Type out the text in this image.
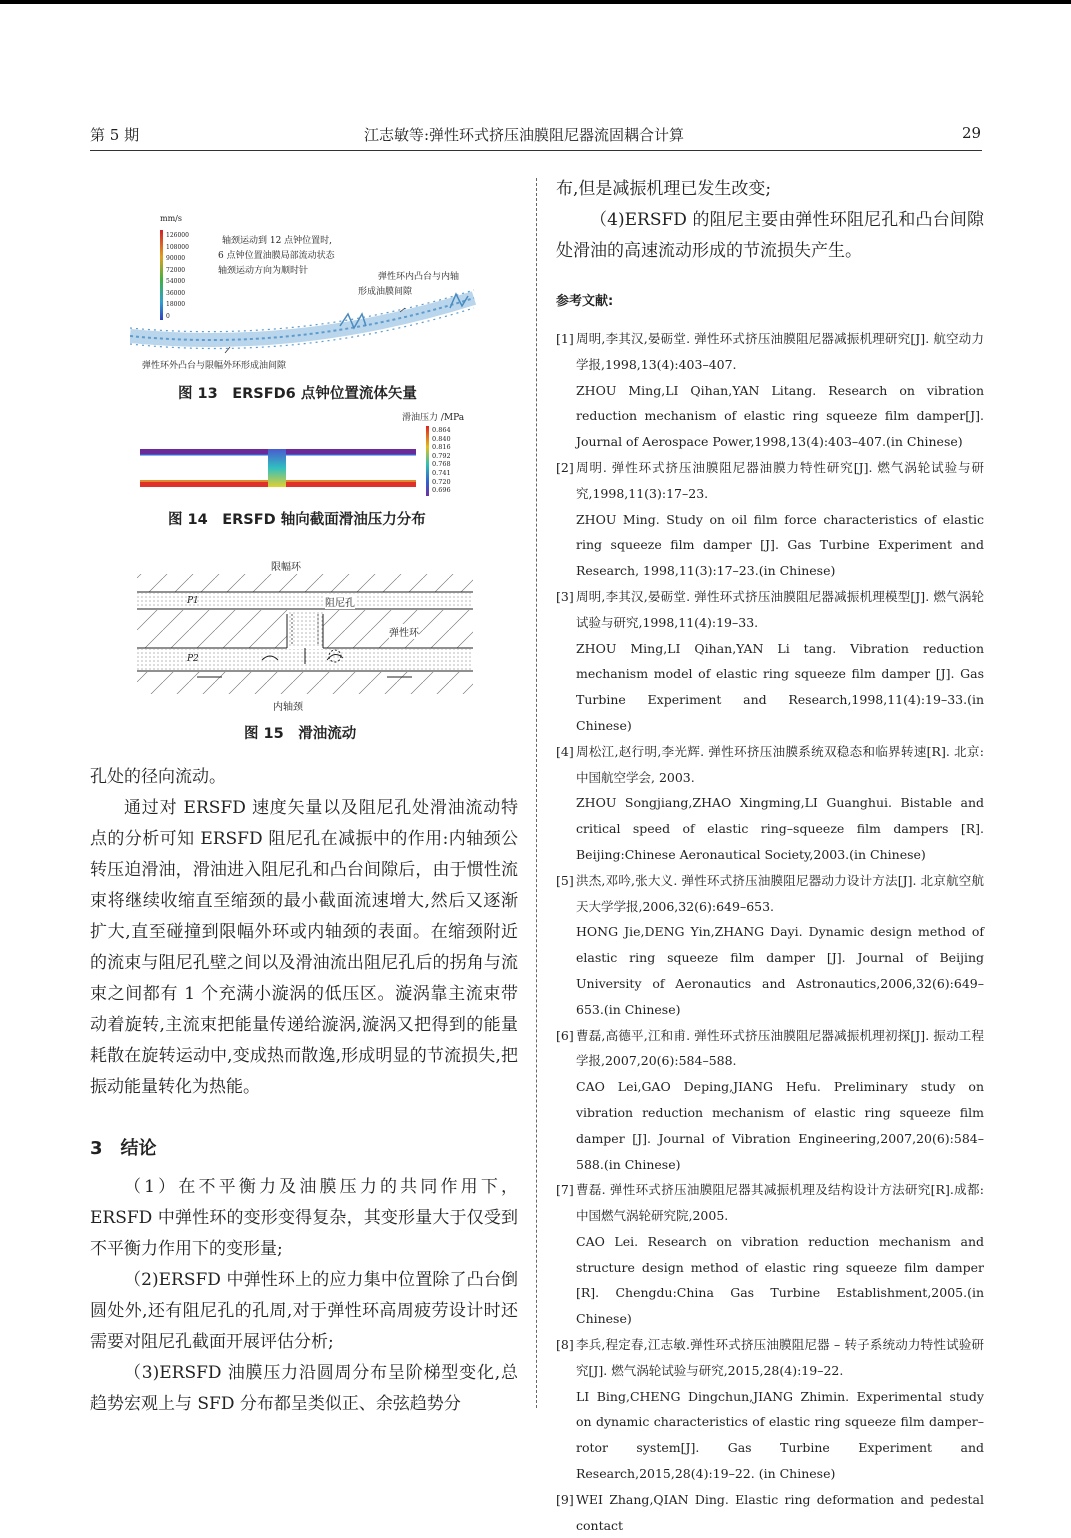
第 5 期	江志敏等:弹性环式挤压油膜阻尼器流固耦合计算	29
mm/s
126000
108000
90000
72000
54000
36000
18000
0
轴颈运动到 12 点钟位置时,
6 点钟位置油膜局部流动状态
轴颈运动方向为顺时针
弹性环内凸台与内轴
形成油膜间隙
弹性环外凸台与限幅外环形成油间隙
图 13　ERSFD6 点钟位置流体矢量
滑油压力 /MPa
0.864
0.840
0.816
0.792
0.768
0.741
0.720
0.696
图 14　ERSFD 轴向截面滑油压力分布
限幅环
P1	阻尼孔
弹性环
P2
内轴颈
图 15　滑油流动

孔处的径向流动。

通过对 ERSFD 速度矢量以及阻尼孔处滑油流动特点的分析可知 ERSFD 阻尼孔在减振中的作用:内轴颈公转压迫滑油，滑油进入阻尼孔和凸台间隙后，由于惯性流束将继续收缩直至缩颈的最小截面流速增大,然后又逐渐扩大,直至碰撞到限幅外环或内轴颈的表面。在缩颈附近的流束与阻尼孔壁之间以及滑油流出阻尼孔后的拐角与流束之间都有 1 个充满小漩涡的低压区。漩涡靠主流束带动着旋转,主流束把能量传递给漩涡,漩涡又把得到的能量耗散在旋转运动中,变成热而散逸,形成明显的节流损失,把振动能量转化为热能。

3　结论

（1）在不平衡力及油膜压力的共同作用下，ERSFD 中弹性环的变形变得复杂，其变形量大于仅受到不平衡力作用下的变形量;

（2)ERSFD 中弹性环上的应力集中位置除了凸台倒圆处外,还有阻尼孔的孔周,对于弹性环高周疲劳设计时还需要对阻尼孔截面开展评估分析;

（3)ERSFD 油膜压力沿圆周分布呈阶梯型变化,总趋势宏观上与 SFD 分布都呈类似正、余弦趋势分

布,但是减振机理已发生改变;

（4)ERSFD 的阻尼主要由弹性环阻尼孔和凸台间隙处滑油的高速流动形成的节流损失产生。

参考文献:
[1] 周明,李其汉,晏砺堂. 弹性环式挤压油膜阻尼器减振机理研究[J]. 航空动力学报,1998,13(4):403–407.
ZHOU Ming,LI Qihan,YAN Litang. Research on vibration reduction mechanism of elastic ring squeeze film damper[J]. Journal of Aerospace Power,1998,13(4):403–407.(in Chinese)
[2] 周明. 弹性环式挤压油膜阻尼器油膜力特性研究[J]. 燃气涡轮试验与研究,1998,11(3):17–23.
ZHOU Ming. Study on oil film force characteristics of elastic ring squeeze film damper [J]. Gas Turbine Experiment and Research, 1998,11(3):17–23.(in Chinese)
[3] 周明,李其汉,晏砺堂. 弹性环式挤压油膜阻尼器减振机理模型[J]. 燃气涡轮试验与研究,1998,11(4):19–33.
ZHOU Ming,LI Qihan,YAN Li tang. Vibration reduction mechanism model of elastic ring squeeze film damper [J]. Gas Turbine Experiment and Research,1998,11(4):19–33.(in Chinese)
[4] 周松江,赵行明,李光辉. 弹性环挤压油膜系统双稳态和临界转速[R]. 北京:中国航空学会, 2003.
ZHOU Songjiang,ZHAO Xingming,LI Guanghui. Bistable and critical speed of elastic ring–squeeze film dampers [R]. Beijing:Chinese Aeronautical Society,2003.(in Chinese)
[5] 洪杰,邓吟,张大义. 弹性环式挤压油膜阻尼器动力设计方法[J]. 北京航空航天大学学报,2006,32(6):649–653.
HONG Jie,DENG Yin,ZHANG Dayi. Dynamic design method of elastic ring squeeze film damper [J]. Journal of Beijing University of Aeronautics and Astronautics,2006,32(6):649–653.(in Chinese)
[6] 曹磊,高德平,江和甫. 弹性环式挤压油膜阻尼器减振机理初探[J]. 振动工程学报,2007,20(6):584–588.
CAO Lei,GAO Deping,JIANG Hefu. Preliminary study on vibration reduction mechanism of elastic ring squeeze film damper [J]. Journal of Vibration Engineering,2007,20(6):584–588.(in Chinese)
[7] 曹磊. 弹性环式挤压油膜阻尼器其减振机理及结构设计方法研究[R].成都:中国燃气涡轮研究院,2005.
CAO Lei. Research on vibration reduction mechanism and structure design method of elastic ring squeeze film damper [R]. Chengdu:China Gas Turbine Establishment,2005.(in Chinese)
[8] 李兵,程定春,江志敏.弹性环式挤压油膜阻尼器 – 转子系统动力特性试验研究[J]. 燃气涡轮试验与研究,2015,28(4):19–22.
LI Bing,CHENG Dingchun,JIANG Zhimin. Experimental study on dynamic characteristics of elastic ring squeeze film damper–rotor system[J]. Gas Turbine Experiment and Research,2015,28(4):19–22. (in Chinese)
[9] WEI Zhang,QIAN Ding. Elastic ring deformation and pedestal contact
